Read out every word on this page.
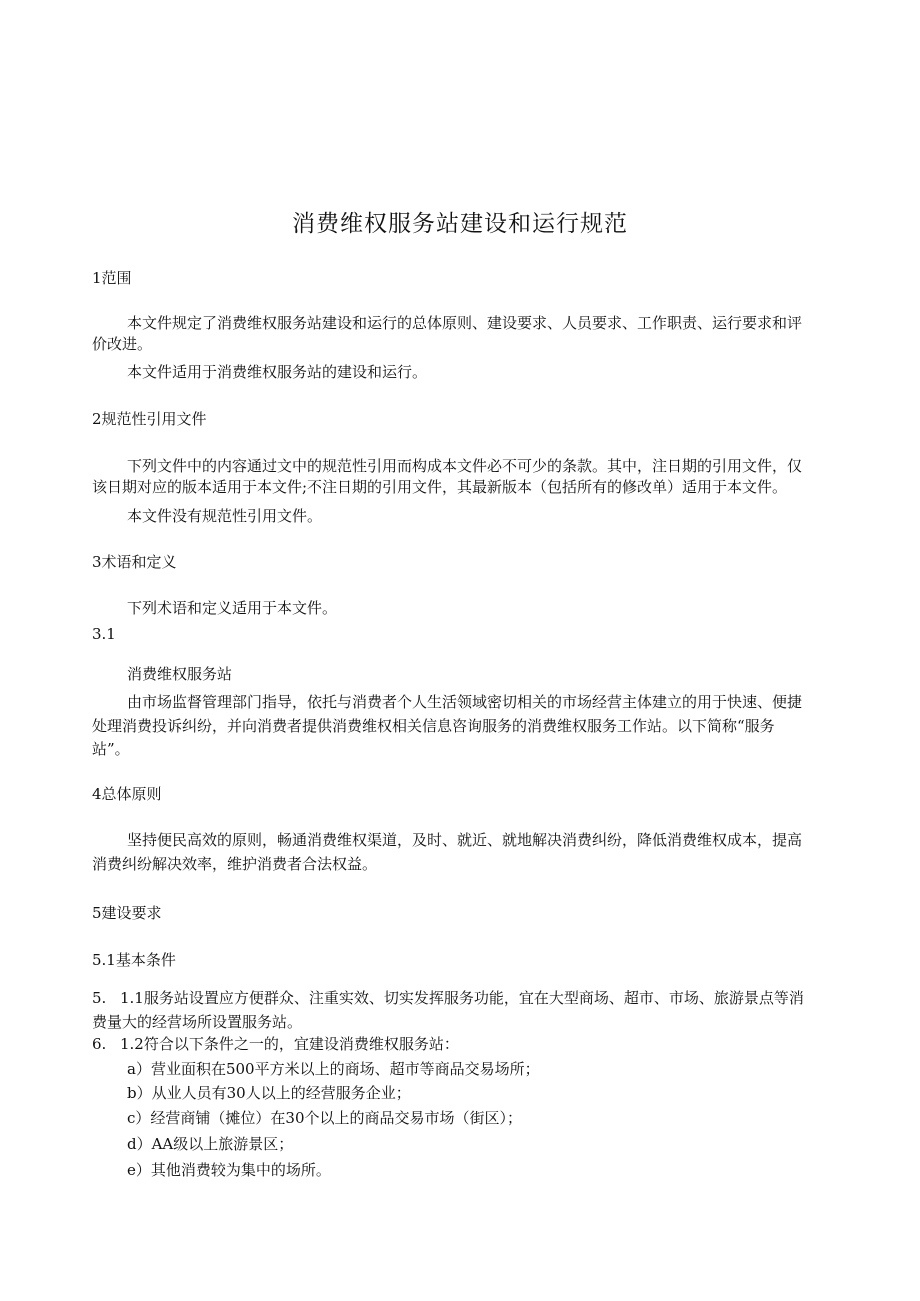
消费维权服务站建设和运行规范
1范围
本文件规定了消费维权服务站建设和运行的总体原则、建设要求、人员要求、工作职责、运行要求和评
价改进。
本文件适用于消费维权服务站的建设和运行。
2规范性引用文件
下列文件中的内容通过文中的规范性引用而构成本文件必不可少的条款。其中，注日期的引用文件，仅
该日期对应的版本适用于本文件;不注日期的引用文件，其最新版本（包括所有的修改单）适用于本文件。
本文件没有规范性引用文件。
3术语和定义
下列术语和定义适用于本文件。
3.1
消费维权服务站
由市场监督管理部门指导，依托与消费者个人生活领域密切相关的市场经营主体建立的用于快速、便捷
处理消费投诉纠纷，并向消费者提供消费维权相关信息咨询服务的消费维权服务工作站。以下简称“服务
站”。
4总体原则
坚持便民高效的原则，畅通消费维权渠道，及时、就近、就地解决消费纠纷，降低消费维权成本，提高
消费纠纷解决效率，维护消费者合法权益。
5建设要求
5.1基本条件
5. 1.1服务站设置应方便群众、注重实效、切实发挥服务功能，宜在大型商场、超市、市场、旅游景点等消
费量大的经营场所设置服务站。
6. 1.2符合以下条件之一的，宜建设消费维权服务站：
a）营业面积在500平方米以上的商场、超市等商品交易场所；
b）从业人员有30人以上的经营服务企业；
c）经营商铺（摊位）在30个以上的商品交易市场（街区）；
d）AA级以上旅游景区；
e）其他消费较为集中的场所。
